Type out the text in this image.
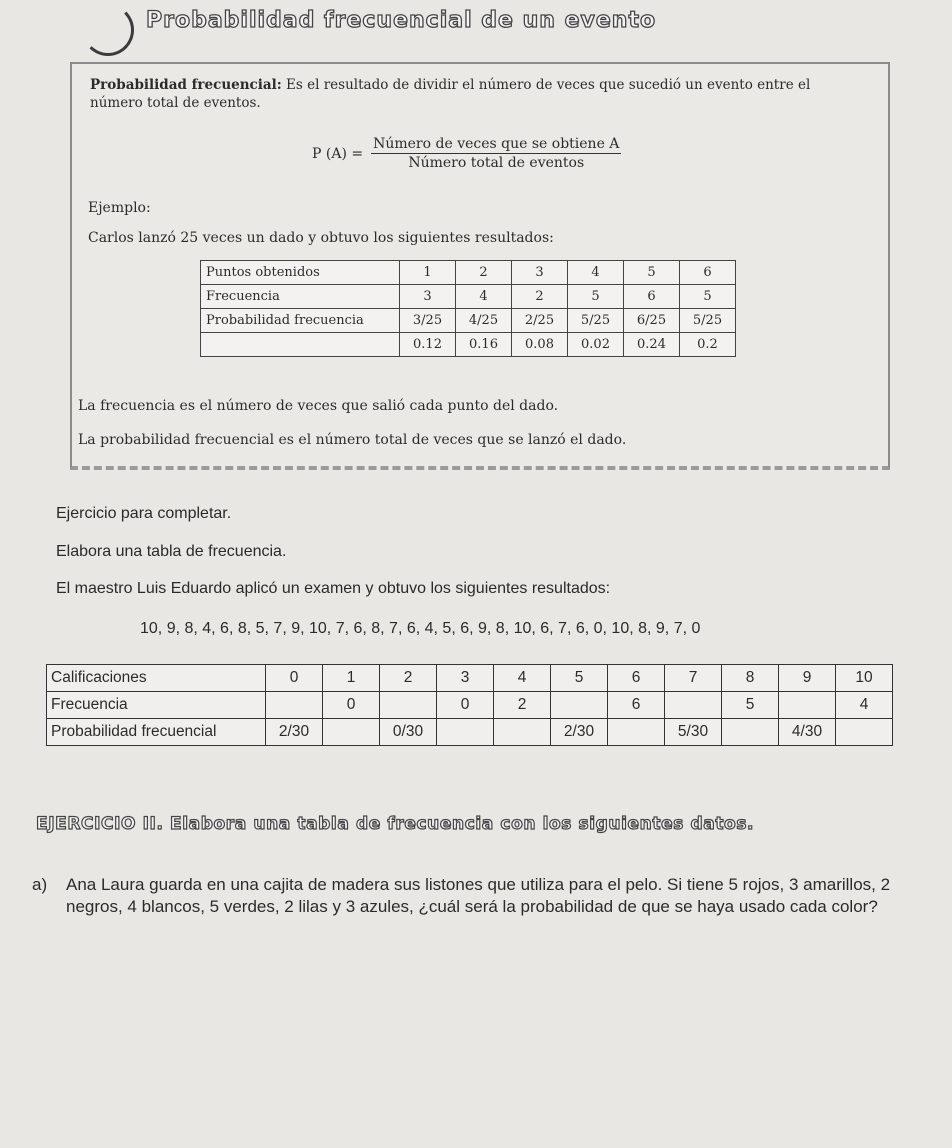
Probabilidad frecuencial de un evento
Probabilidad frecuencial: Es el resultado de dividir el número de veces que sucedió un evento entre el número total de eventos.
P $(A) = \frac{\text{Número de veces que se obtiene A}}{\text{Número total de eventos}}$
Ejemplo:
Carlos lanzó 25 veces un dado y obtuvo los siguientes resultados:
Puntos obtenidos	1	2	3	4	5	6
Frecuencia	3	4	2	5	6	5
Probabilidad frecuencia	3/25	4/25	2/25	5/25	6/25	5/25
	0.12	0.16	0.08	0.02	0.24	0.2
La frecuencia es el número de veces que salió cada punto del dado.
La probabilidad frecuencial es el número total de veces que se lanzó el dado.
Ejercicio para completar.
Elabora una tabla de frecuencia.
El maestro Luis Eduardo aplicó un examen y obtuvo los siguientes resultados:
10, 9, 8, 4, 6, 8, 5, 7, 9, 10, 7, 6, 8, 7, 6, 4, 5, 6, 9, 8, 10, 6, 7, 6, 0, 10, 8, 9, 7, 0
Calificaciones	0	1	2	3	4	5	6	7	8	9	10
Frecuencia		0		0	2		6		5		4
Probabilidad frecuencial	2/30		0/30			2/30		5/30		4/30	
EJERCICIO II. Elabora una tabla de frecuencia con los siguientes datos.
a)	Ana Laura guarda en una cajita de madera sus listones que utiliza para el pelo. Si tiene 5 rojos, 3 amarillos, 2 negros, 4 blancos, 5 verdes, 2 lilas y 3 azules, ¿cuál será la probabilidad de que se haya usado cada color?
